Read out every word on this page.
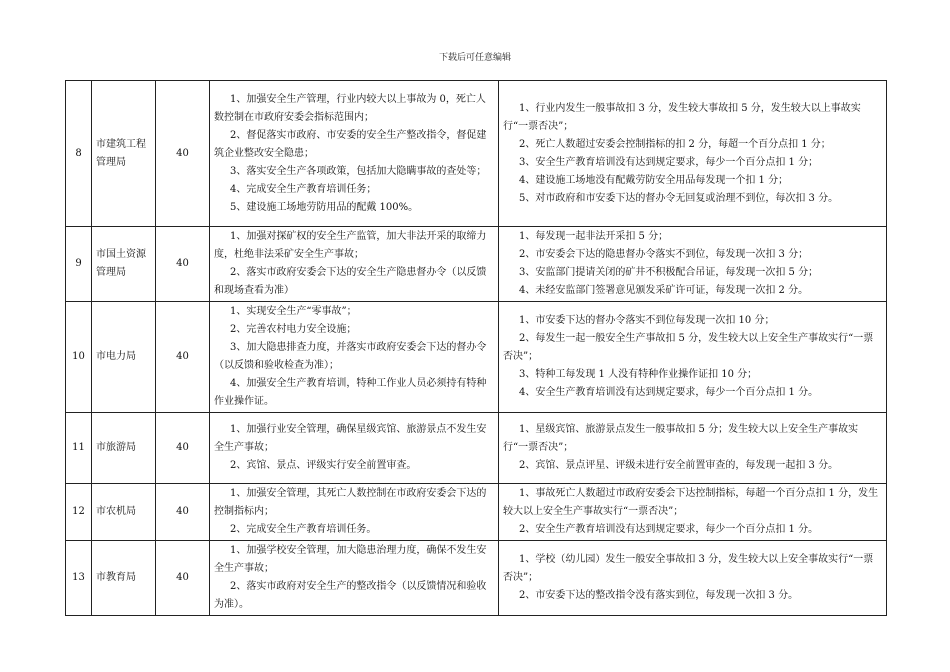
下载后可任意编辑
8	市建筑工程管理局	40	1、加强安全生产管理，行业内较大以上事故为 0，死亡人数控制在市政府安委会指标范围内；
2、督促落实市政府、市安委的安全生产整改指令，督促建筑企业整改安全隐患；
3、落实安全生产各项政策，包括加大隐瞒事故的查处等；
4、完成安全生产教育培训任务；
5、建设施工场地劳防用品的配戴 100%。	1、行业内发生一般事故扣 3 分，发生较大事故扣 5 分，发生较大以上事故实行“一票否决”；
2、死亡人数超过安委会控制指标的扣 2 分，每超一个百分点扣 1 分；
3、安全生产教育培训没有达到规定要求，每少一个百分点扣 1 分；
4、建设施工场地没有配戴劳防安全用品每发现一个扣 1 分；
5、对市政府和市安委下达的督办令无回复或治理不到位，每次扣 3 分。

9	市国土资源管理局	40	1、加强对探矿权的安全生产监管，加大非法开采的取缔力度，杜绝非法采矿安全生产事故；
2、落实市政府安委会下达的安全生产隐患督办令（以反馈和现场查看为准）	1、每发现一起非法开采扣 5 分；
2、市安委会下达的隐患督办令落实不到位，每发现一次扣 3 分；
3、安监部门提请关闭的矿井不积极配合吊证，每发现一次扣 5 分；
4、未经安监部门签署意见颁发采矿许可证，每发现一次扣 2 分。

10	市电力局	40	1、实现安全生产“零事故”；
2、完善农村电力安全设施；
3、加大隐患排查力度，并落实市政府安委会下达的督办令（以反馈和验收检查为准）；
4、加强安全生产教育培训，特种工作业人员必须持有特种作业操作证。	1、市安委下达的督办令落实不到位每发现一次扣 10 分；
2、每发生一起一般安全生产事故扣 5 分，发生较大以上安全生产事故实行“一票否决”；
3、特种工每发现 1 人没有特种作业操作证扣 10 分；
4、安全生产教育培训没有达到规定要求，每少一个百分点扣 1 分。

11	市旅游局	40	1、加强行业安全管理，确保星级宾馆、旅游景点不发生安全生产事故；
2、宾馆、景点、评级实行安全前置审查。	1、星级宾馆、旅游景点发生一般事故扣 5 分；发生较大以上安全生产事故实行“一票否决”；
2、宾馆、景点评星、评级未进行安全前置审查的，每发现一起扣 3 分。

12	市农机局	40	1、加强安全管理，其死亡人数控制在市政府安委会下达的控制指标内；
2、完成安全生产教育培训任务。	1、事故死亡人数超过市政府安委会下达控制指标，每超一个百分点扣 1 分，发生较大以上安全生产事故实行“一票否决”；
2、安全生产教育培训没有达到规定要求，每少一个百分点扣 1 分。

13	市教育局	40	1、加强学校安全管理，加大隐患治理力度，确保不发生安全生产事故；
2、落实市政府对安全生产的整改指令（以反馈情况和验收为准）。	1、学校（幼儿园）发生一般安全事故扣 3 分，发生较大以上安全事故实行“一票否决”；
2、市安委下达的整改指令没有落实到位，每发现一次扣 3 分。
